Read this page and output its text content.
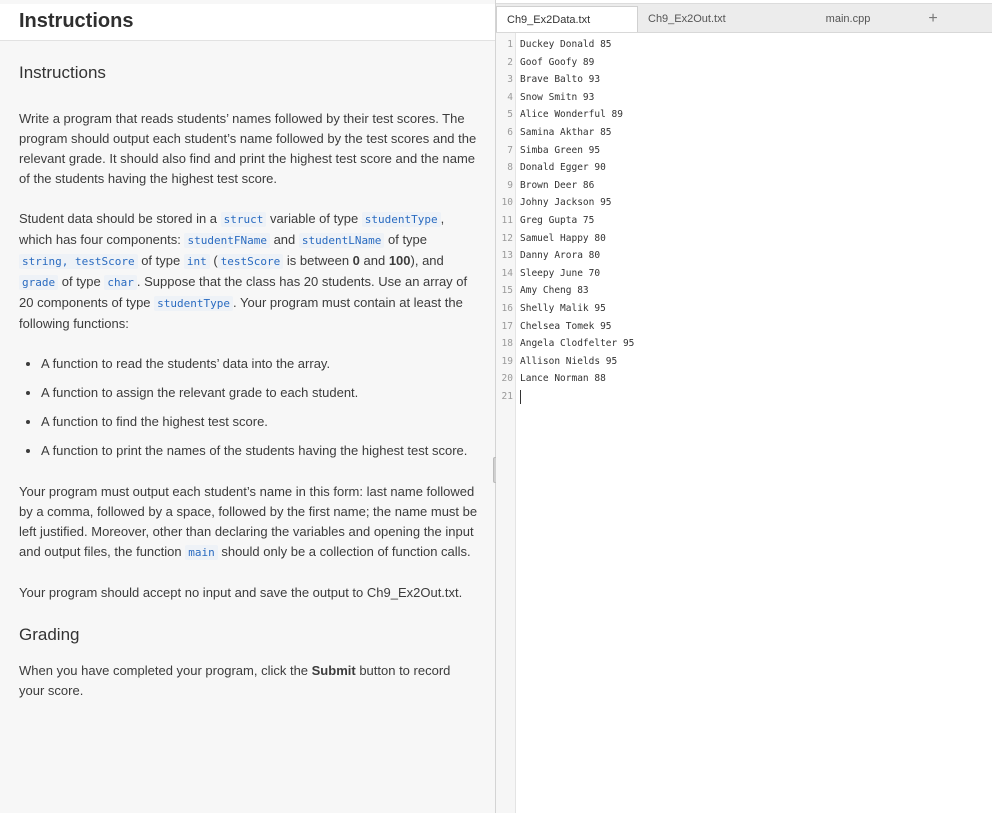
Instructions
Instructions

Write a program that reads students’ names followed by their test scores. The program should output each student’s name followed by the test scores and the relevant grade. It should also find and print the highest test score and the name of the students having the highest test score.

Student data should be stored in a struct variable of type studentType , which has four components: studentFName and studentLName of type string, testScore of type int ( testScore is between 0 and 100), and grade of type char . Suppose that the class has 20 students. Use an array of 20 components of type studentType . Your program must contain at least the following functions:

• A function to read the students’ data into the array.
• A function to assign the relevant grade to each student.
• A function to find the highest test score.
• A function to print the names of the students having the highest test score.

Your program must output each student’s name in this form: last name followed by a comma, followed by a space, followed by the first name; the name must be left justified. Moreover, other than declaring the variables and opening the input and output files, the function main should only be a collection of function calls.

Your program should accept no input and save the output to Ch9_Ex2Out.txt.

Grading

When you have completed your program, click the Submit button to record your score.

Ch9_Ex2Data.txt	Ch9_Ex2Out.txt	main.cpp	+
1 Duckey Donald 85
2 Goof Goofy 89
3 Brave Balto 93
4 Snow Smitn 93
5 Alice Wonderful 89
6 Samina Akthar 85
7 Simba Green 95
8 Donald Egger 90
9 Brown Deer 86
10 Johny Jackson 95
11 Greg Gupta 75
12 Samuel Happy 80
13 Danny Arora 80
14 Sleepy June 70
15 Amy Cheng 83
16 Shelly Malik 95
17 Chelsea Tomek 95
18 Angela Clodfelter 95
19 Allison Nields 95
20 Lance Norman 88
21
